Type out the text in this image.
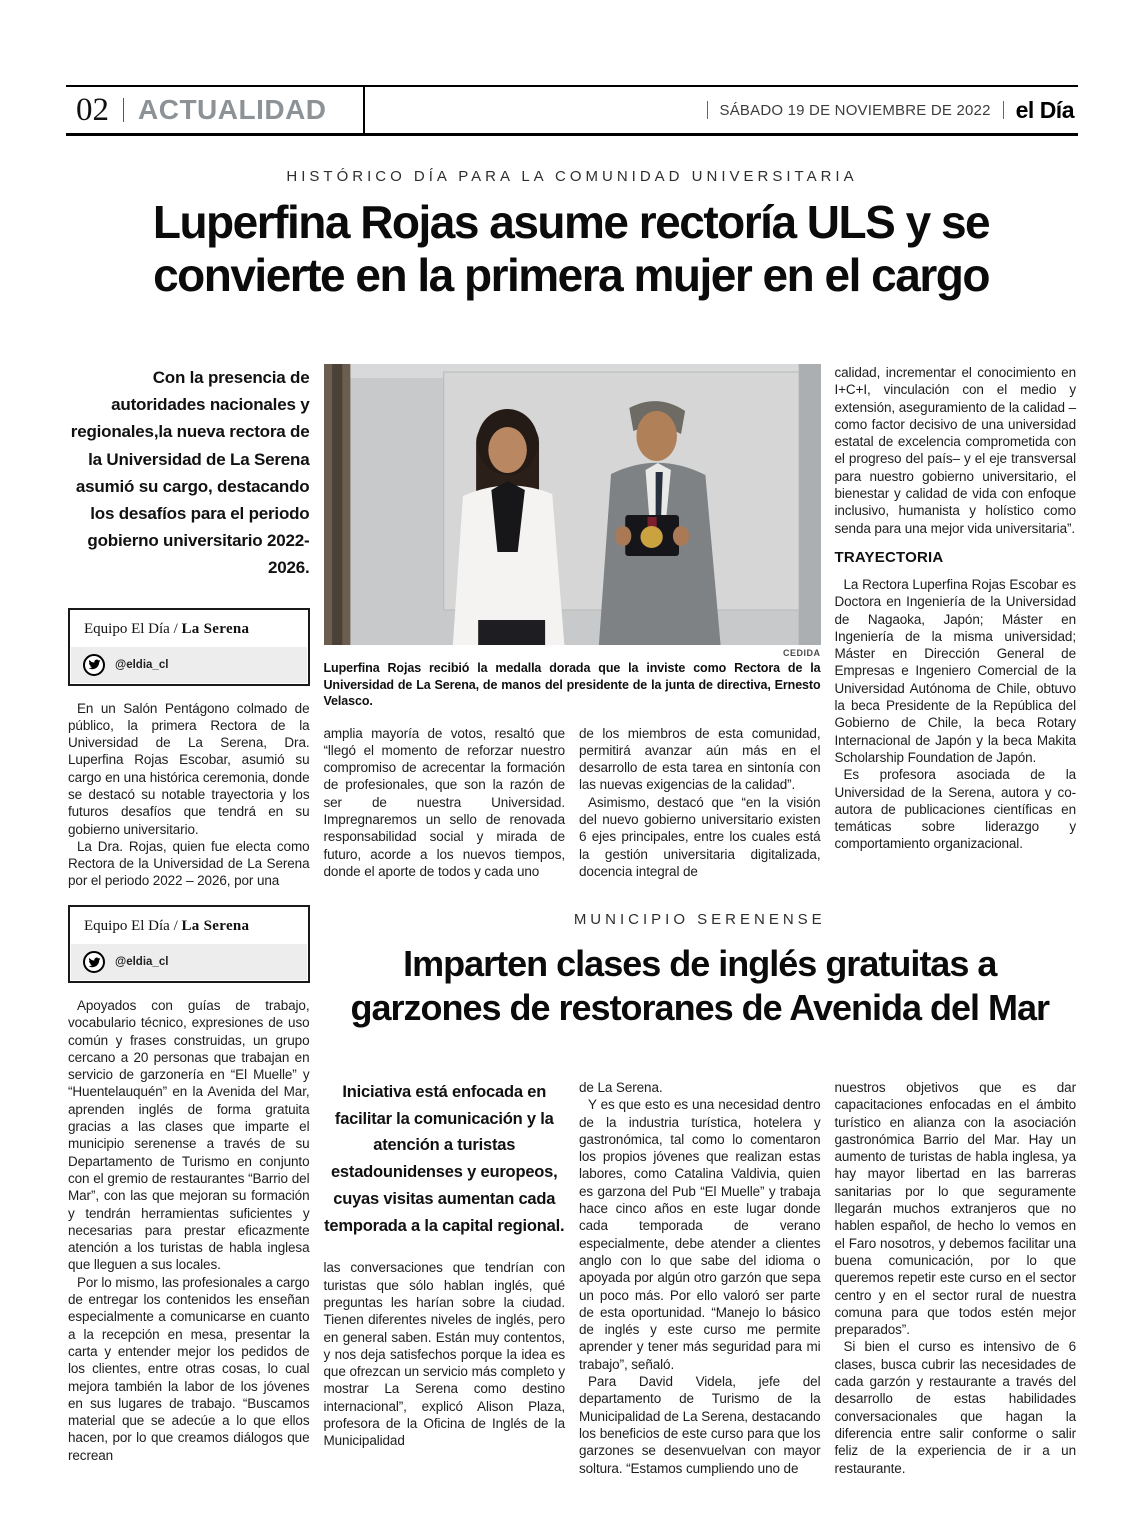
02 ACTUALIDAD	SÁBADO 19 DE NOVIEMBRE DE 2022 el Día
HISTÓRICO DÍA PARA LA COMUNIDAD UNIVERSITARIA
Luperfina Rojas asume rectoría ULS y se
convierte en la primera mujer en el cargo

Con la presencia de autoridades nacionales y regionales,la nueva rectora de la Universidad de La Serena asumió su cargo, destacando los desafíos para el periodo gobierno universitario 2022-2026.

Equipo El Día / La Serena
@eldia_cl

En un Salón Pentágono colmado de público, la primera Rectora de la Universidad de La Serena, Dra. Luperfina Rojas Escobar, asumió su cargo en una histórica ceremonia, donde se destacó su notable trayectoria y los futuros desafíos que tendrá en su gobierno universitario.

La Dra. Rojas, quien fue electa como Rectora de la Universidad de La Serena por el periodo 2022 – 2026, por una

CEDIDA
Luperfina Rojas recibió la medalla dorada que la inviste como Rectora de la Universidad de La Serena, de manos del presidente de la junta de directiva, Ernesto Velasco.

amplia mayoría de votos, resaltó que “llegó el momento de reforzar nuestro compromiso de acrecentar la formación de profesionales, que son la razón de ser de nuestra Universidad. Impregnaremos un sello de renovada responsabilidad social y mirada de futuro, acorde a los nuevos tiempos, donde el aporte de todos y cada uno

de los miembros de esta comunidad, permitirá avanzar aún más en el desarrollo de esta tarea en sintonía con las nuevas exigencias de la calidad”.

Asimismo, destacó que “en la visión del nuevo gobierno universitario existen 6 ejes principales, entre los cuales está la gestión universitaria digitalizada, docencia integral de

calidad, incrementar el conocimiento en I+C+I, vinculación con el medio y extensión, aseguramiento de la calidad –como factor decisivo de una universidad estatal de excelencia comprometida con el progreso del país– y el eje transversal para nuestro gobierno universitario, el bienestar y calidad de vida con enfoque inclusivo, humanista y holístico como senda para una mejor vida universitaria”.

TRAYECTORIA

La Rectora Luperfina Rojas Escobar es Doctora en Ingeniería de la Universidad de Nagaoka, Japón; Máster en Ingeniería de la misma universidad; Máster en Dirección General de Empresas e Ingeniero Comercial de la Universidad Autónoma de Chile, obtuvo la beca Presidente de la República del Gobierno de Chile, la beca Rotary Internacional de Japón y la beca Makita Scholarship Foundation de Japón.

Es profesora asociada de la Universidad de la Serena, autora y co-autora de publicaciones científicas en temáticas sobre liderazgo y comportamiento organizacional.

Equipo El Día / La Serena
@eldia_cl

Apoyados con guías de trabajo, vocabulario técnico, expresiones de uso común y frases construidas, un grupo cercano a 20 personas que trabajan en servicio de garzonería en “El Muelle” y “Huentelauquén” en la Avenida del Mar, aprenden inglés de forma gratuita gracias a las clases que imparte el municipio serenense a través de su Departamento de Turismo en conjunto con el gremio de restaurantes “Barrio del Mar”, con las que mejoran su formación y tendrán herramientas suficientes y necesarias para prestar eficazmente atención a los turistas de habla inglesa que lleguen a sus locales.

Por lo mismo, las profesionales a cargo de entregar los contenidos les enseñan especialmente a comunicarse en cuanto a la recepción en mesa, presentar la carta y entender mejor los pedidos de los clientes, entre otras cosas, lo cual mejora también la labor de los jóvenes en sus lugares de trabajo. “Buscamos material que se adecúe a lo que ellos hacen, por lo que creamos diálogos que recrean

MUNICIPIO SERENENSE
Imparten clases de inglés gratuitas a
garzones de restoranes de Avenida del Mar

Iniciativa está enfocada en facilitar la comunicación y la atención a turistas estadounidenses y europeos, cuyas visitas aumentan cada temporada a la capital regional.

las conversaciones que tendrían con turistas que sólo hablan inglés, qué preguntas les harían sobre la ciudad. Tienen diferentes niveles de inglés, pero en general saben. Están muy contentos, y nos deja satisfechos porque la idea es que ofrezcan un servicio más completo y mostrar La Serena como destino internacional”, explicó Alison Plaza, profesora de la Oficina de Inglés de la Municipalidad

de La Serena.

Y es que esto es una necesidad dentro de la industria turística, hotelera y gastronómica, tal como lo comentaron los propios jóvenes que realizan estas labores, como Catalina Valdivia, quien es garzona del Pub “El Muelle” y trabaja hace cinco años en este lugar donde cada temporada de verano especialmente, debe atender a clientes anglo con lo que sabe del idioma o apoyada por algún otro garzón que sepa un poco más. Por ello valoró ser parte de esta oportunidad. “Manejo lo básico de inglés y este curso me permite aprender y tener más seguridad para mi trabajo”, señaló.

Para David Videla, jefe del departamento de Turismo de la Municipalidad de La Serena, destacando los beneficios de este curso para que los garzones se desenvuelvan con mayor soltura. “Estamos cumpliendo uno de

nuestros objetivos que es dar capacitaciones enfocadas en el ámbito turístico en alianza con la asociación gastronómica Barrio del Mar. Hay un aumento de turistas de habla inglesa, ya hay mayor libertad en las barreras sanitarias por lo que seguramente llegarán muchos extranjeros que no hablen español, de hecho lo vemos en el Faro nosotros, y debemos facilitar una buena comunicación, por lo que queremos repetir este curso en el sector centro y en el sector rural de nuestra comuna para que todos estén mejor preparados”.

Si bien el curso es intensivo de 6 clases, busca cubrir las necesidades de cada garzón y restaurante a través del desarrollo de estas habilidades conversacionales que hagan la diferencia entre salir conforme o salir feliz de la experiencia de ir a un restaurante.
